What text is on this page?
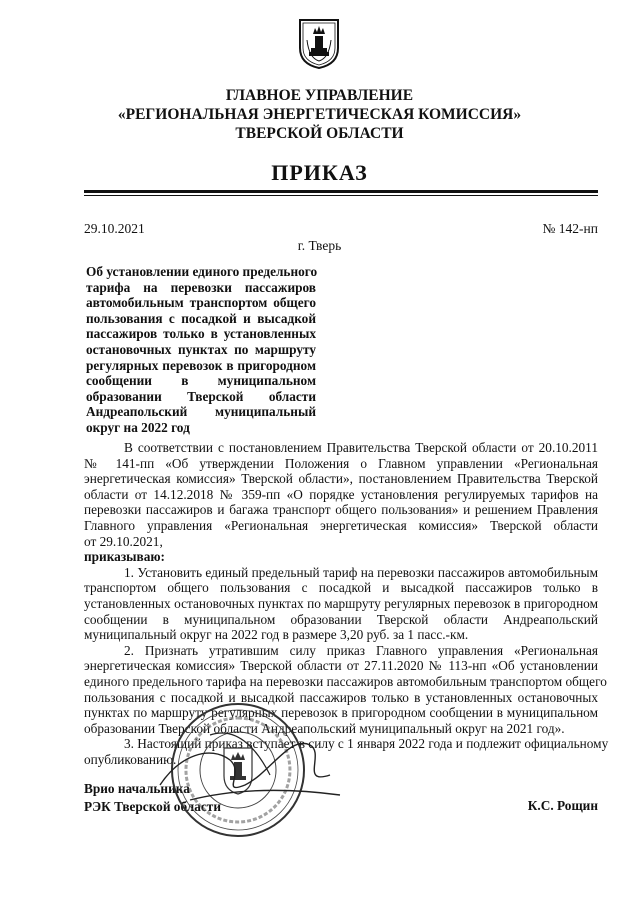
ГЛАВНОЕ УПРАВЛЕНИЕ
«РЕГИОНАЛЬНАЯ ЭНЕРГЕТИЧЕСКАЯ КОМИССИЯ»
ТВЕРСКОЙ ОБЛАСТИ
ПРИКАЗ
29.10.2021	№ 142-нп
г. Тверь
Об установлении единого предельного
тарифа на перевозки пассажиров
автомобильным транспортом общего
пользования с посадкой и высадкой
пассажиров только в установленных
остановочных пунктах по маршруту
регулярных перевозок в пригородном
сообщении в муниципальном
образовании Тверской области
Андреапольский муниципальный
округ на 2022 год
В соответствии с постановлением Правительства Тверской области от 20.10.2011
№ 141-пп «Об утверждении Положения о Главном управлении «Региональная
энергетическая комиссия» Тверской области», постановлением Правительства Тверской
области от 14.12.2018 № 359-пп «О порядке установления регулируемых тарифов на
перевозки пассажиров и багажа транспорт общего пользования» и решением Правления
Главного управления «Региональная энергетическая комиссия» Тверской области
от 29.10.2021,
приказываю:
1. Установить единый предельный тариф на перевозки пассажиров автомобильным
транспортом общего пользования с посадкой и высадкой пассажиров только в
установленных остановочных пунктах по маршруту регулярных перевозок в пригородном
сообщении в муниципальном образовании Тверской области Андреапольский
муниципальный округ на 2022 год в размере 3,20 руб. за 1 пасс.-км.
2. Признать утратившим силу приказ Главного управления «Региональная
энергетическая комиссия» Тверской области от 27.11.2020 № 113-нп «Об установлении
единого предельного тарифа на перевозки пассажиров автомобильным транспортом общего
пользования с посадкой и высадкой пассажиров только в установленных остановочных
пунктах по маршруту регулярных перевозок в пригородном сообщении в муниципальном
образовании Тверской области Андреапольский муниципальный округ на 2021 год».
3. Настоящий приказ вступает в силу с 1 января 2022 года и подлежит официальному
опубликованию.
Врио начальника
РЭК Тверской области	К.С. Рощин
